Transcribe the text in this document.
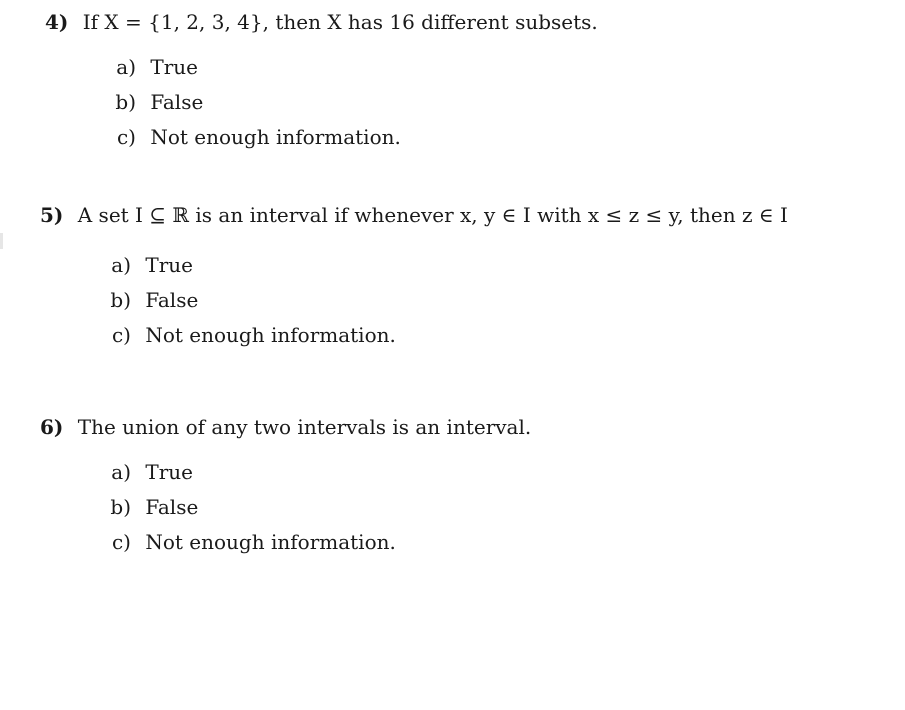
4) If X = {1, 2, 3, 4}, then X has 16 different subsets.
a) True
b) False
c) Not enough information.
5) A set I ⊆ ℝ is an interval if whenever x, y ∈ I with x ≤ z ≤ y, then z ∈ I
a) True
b) False
c) Not enough information.
6) The union of any two intervals is an interval.
a) True
b) False
c) Not enough information.
